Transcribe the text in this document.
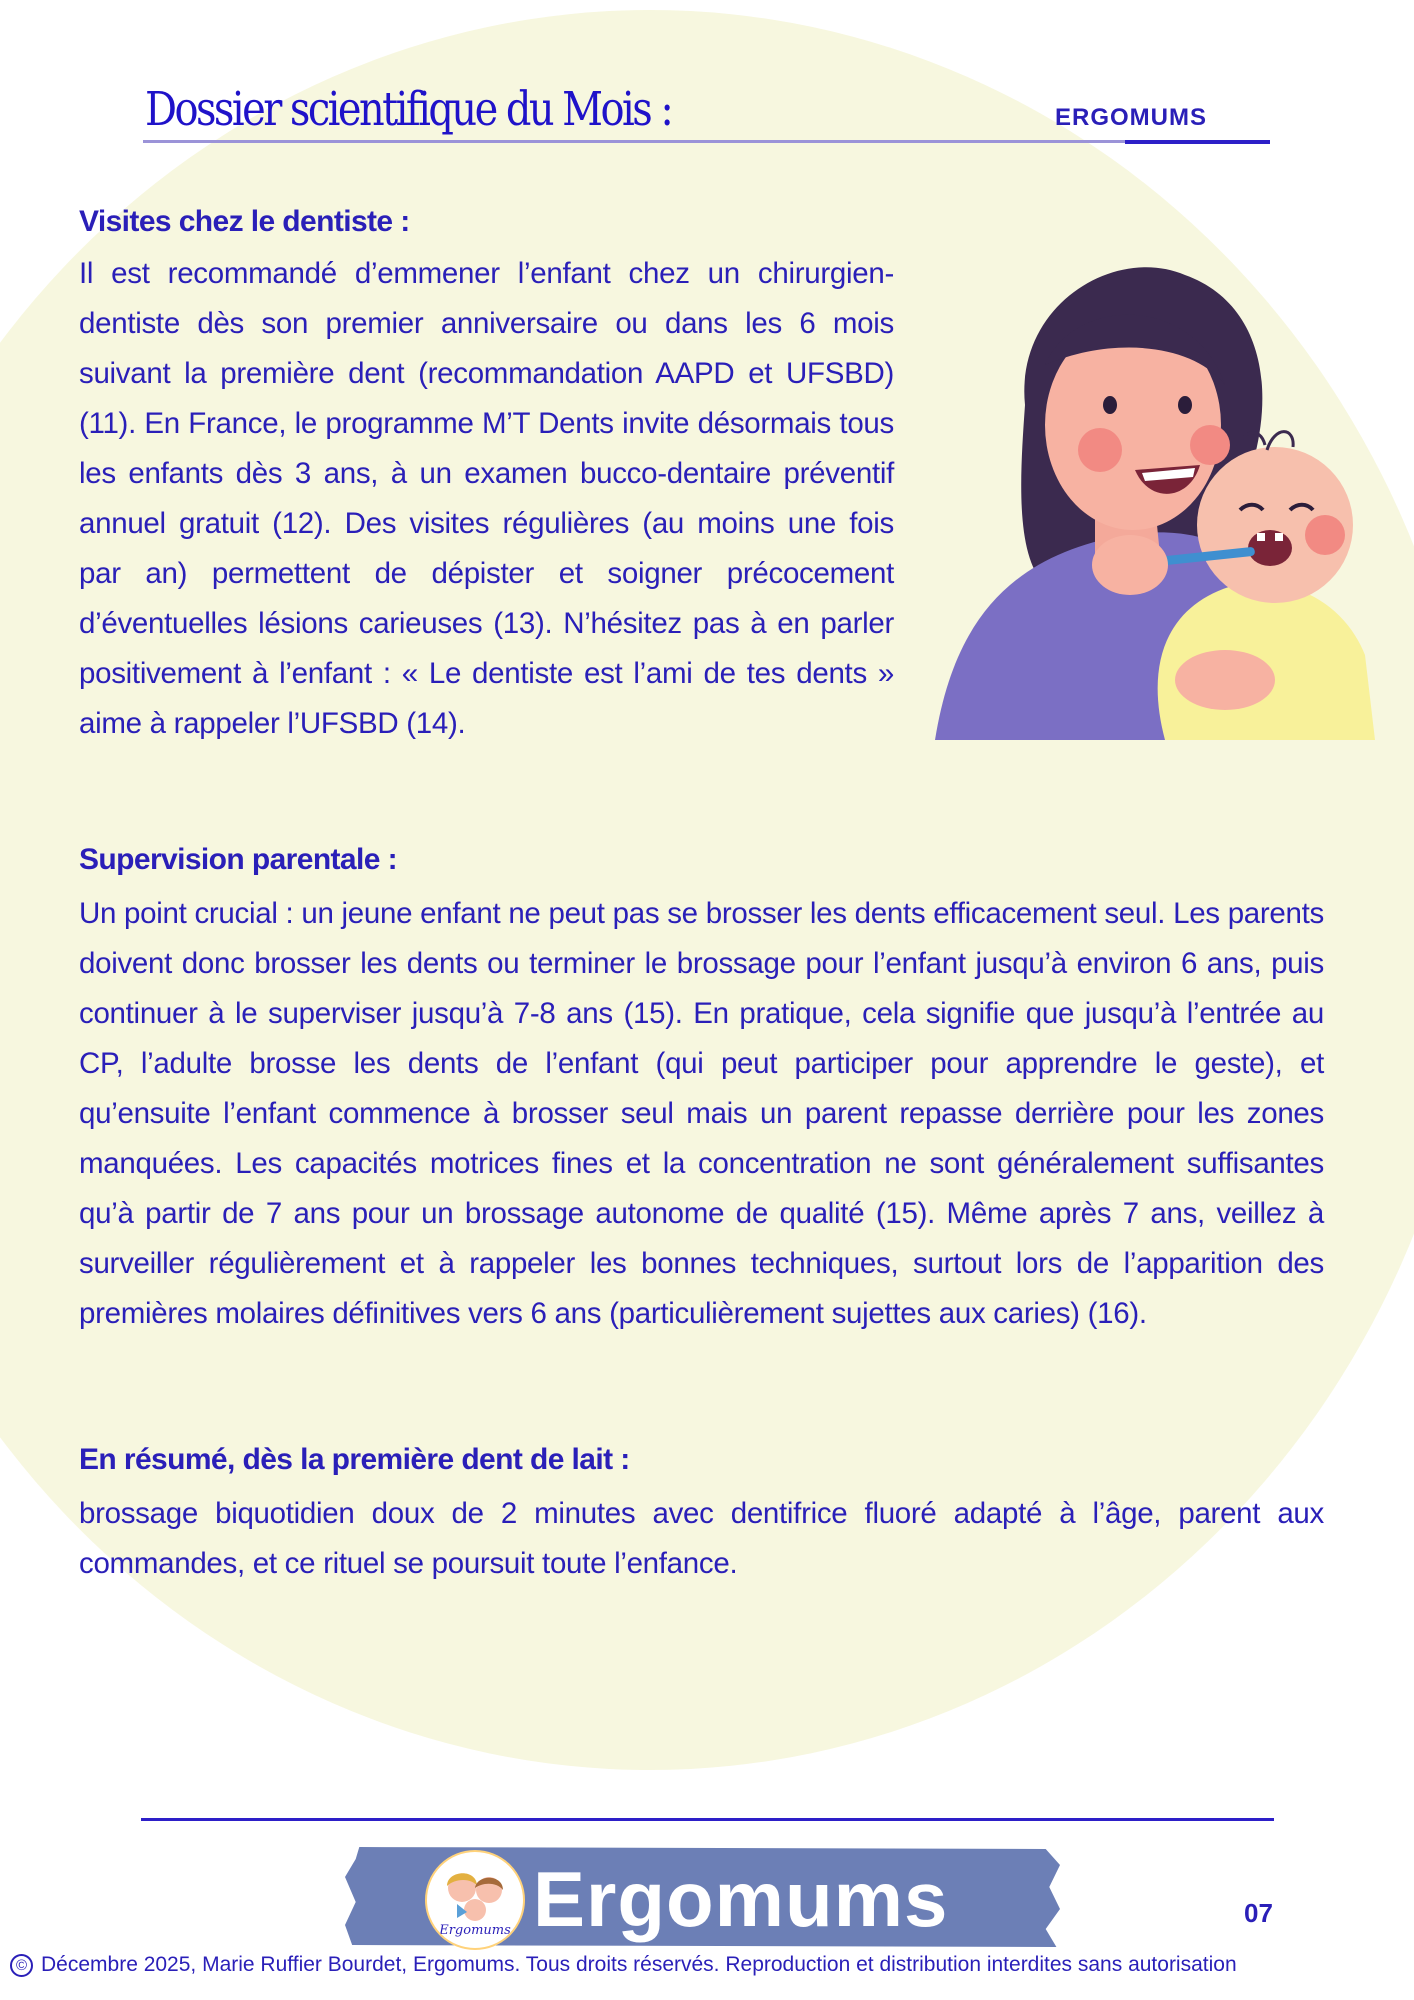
Dossier scientifique du Mois :	ERGOMUMS
Visites chez le dentiste :

Il est recommandé d’emmener l’enfant chez un chirurgien-dentiste dès son premier anniversaire ou dans les 6 mois suivant la première dent (recommandation AAPD et UFSBD) (11). En France, le programme M’T Dents invite désormais tous les enfants dès 3 ans, à un examen bucco-dentaire préventif annuel gratuit (12). Des visites régulières (au moins une fois par an) permettent de dépister et soigner précocement d’éventuelles lésions carieuses (13). N’hésitez pas à en parler positivement à l’enfant : « Le dentiste est l’ami de tes dents » aime à rappeler l’UFSBD (14).

Supervision parentale :

Un point crucial : un jeune enfant ne peut pas se brosser les dents efficacement seul. Les parents doivent donc brosser les dents ou terminer le brossage pour l’enfant jusqu’à environ 6 ans, puis continuer à le superviser jusqu’à 7-8 ans (15). En pratique, cela signifie que jusqu’à l’entrée au CP, l’adulte brosse les dents de l’enfant (qui peut participer pour apprendre le geste), et qu’ensuite l’enfant commence à brosser seul mais un parent repasse derrière pour les zones manquées. Les capacités motrices fines et la concentration ne sont généralement suffisantes qu’à partir de 7 ans pour un brossage autonome de qualité (15). Même après 7 ans, veillez à surveiller régulièrement et à rappeler les bonnes techniques, surtout lors de l’apparition des premières molaires définitives vers 6 ans (particulièrement sujettes aux caries) (16).

En résumé, dès la première dent de lait :

brossage biquotidien doux de 2 minutes avec dentifrice fluoré adapté à l’âge, parent aux commandes, et ce rituel se poursuit toute l’enfance.

Ergomums Ergomums	07
© Décembre 2025, Marie Ruffier Bourdet, Ergomums. Tous droits réservés. Reproduction et distribution interdites sans autorisation
